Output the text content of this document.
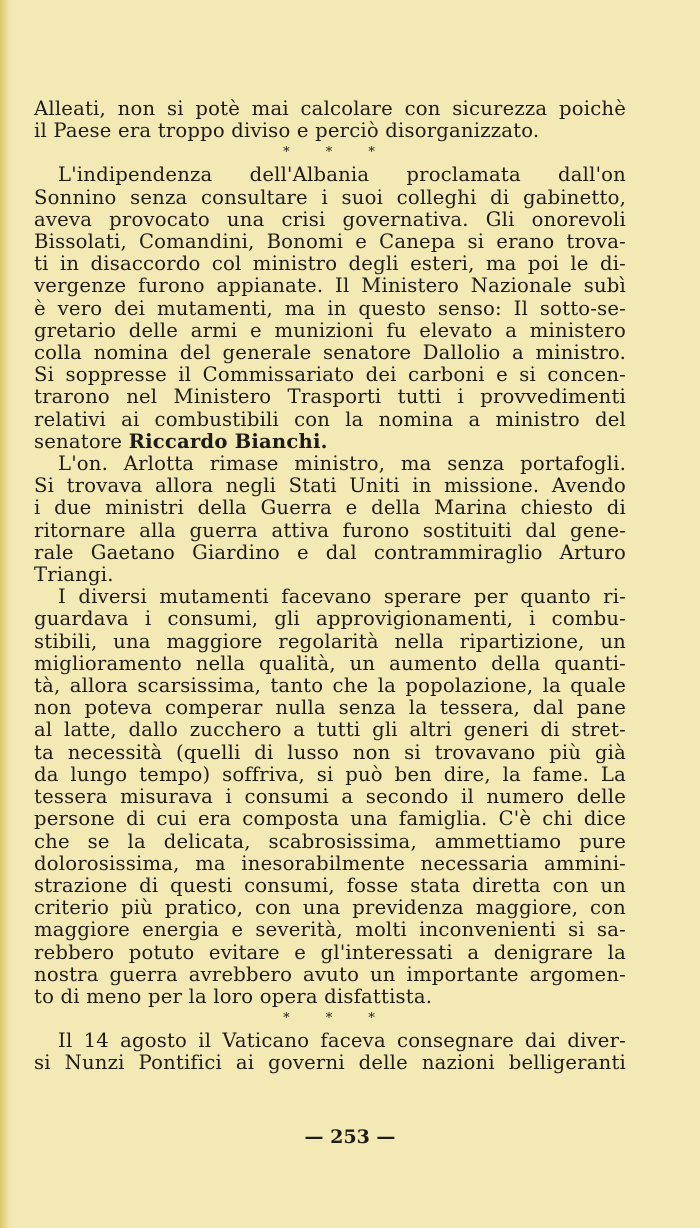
Alleati, non si potè mai calcolare con sicurezza poichè
il Paese era troppo diviso e perciò disorganizzato.
* * *
L'indipendenza dell'Albania proclamata dall'on
Sonnino senza consultare i suoi colleghi di gabinetto,
aveva provocato una crisi governativa. Gli onorevoli
Bissolati, Comandini, Bonomi e Canepa si erano trova-
ti in disaccordo col ministro degli esteri, ma poi le di-
vergenze furono appianate. Il Ministero Nazionale subì
è vero dei mutamenti, ma in questo senso: Il sotto-se-
gretario delle armi e munizioni fu elevato a ministero
colla nomina del generale senatore Dallolio a ministro.
Si soppresse il Commissariato dei carboni e si concen-
trarono nel Ministero Trasporti tutti i provvedimenti
relativi ai combustibili con la nomina a ministro del
senatore Riccardo Bianchi.
L'on. Arlotta rimase ministro, ma senza portafogli.
Si trovava allora negli Stati Uniti in missione. Avendo
i due ministri della Guerra e della Marina chiesto di
ritornare alla guerra attiva furono sostituiti dal gene-
rale Gaetano Giardino e dal contrammiraglio Arturo
Triangi.
I diversi mutamenti facevano sperare per quanto ri-
guardava i consumi, gli approvigionamenti, i combu-
stibili, una maggiore regolarità nella ripartizione, un
miglioramento nella qualità, un aumento della quanti-
tà, allora scarsissima, tanto che la popolazione, la quale
non poteva comperar nulla senza la tessera, dal pane
al latte, dallo zucchero a tutti gli altri generi di stret-
ta necessità (quelli di lusso non si trovavano più già
da lungo tempo) soffriva, si può ben dire, la fame. La
tessera misurava i consumi a secondo il numero delle
persone di cui era composta una famiglia. C'è chi dice
che se la delicata, scabrosissima, ammettiamo pure
dolorosissima, ma inesorabilmente necessaria ammini-
strazione di questi consumi, fosse stata diretta con un
criterio più pratico, con una previdenza maggiore, con
maggiore energia e severità, molti inconvenienti si sa-
rebbero potuto evitare e gl'interessati a denigrare la
nostra guerra avrebbero avuto un importante argomen-
to di meno per la loro opera disfattista.
* * *
Il 14 agosto il Vaticano faceva consegnare dai diver-
si Nunzi Pontifici ai governi delle nazioni belligeranti
— 253 —
